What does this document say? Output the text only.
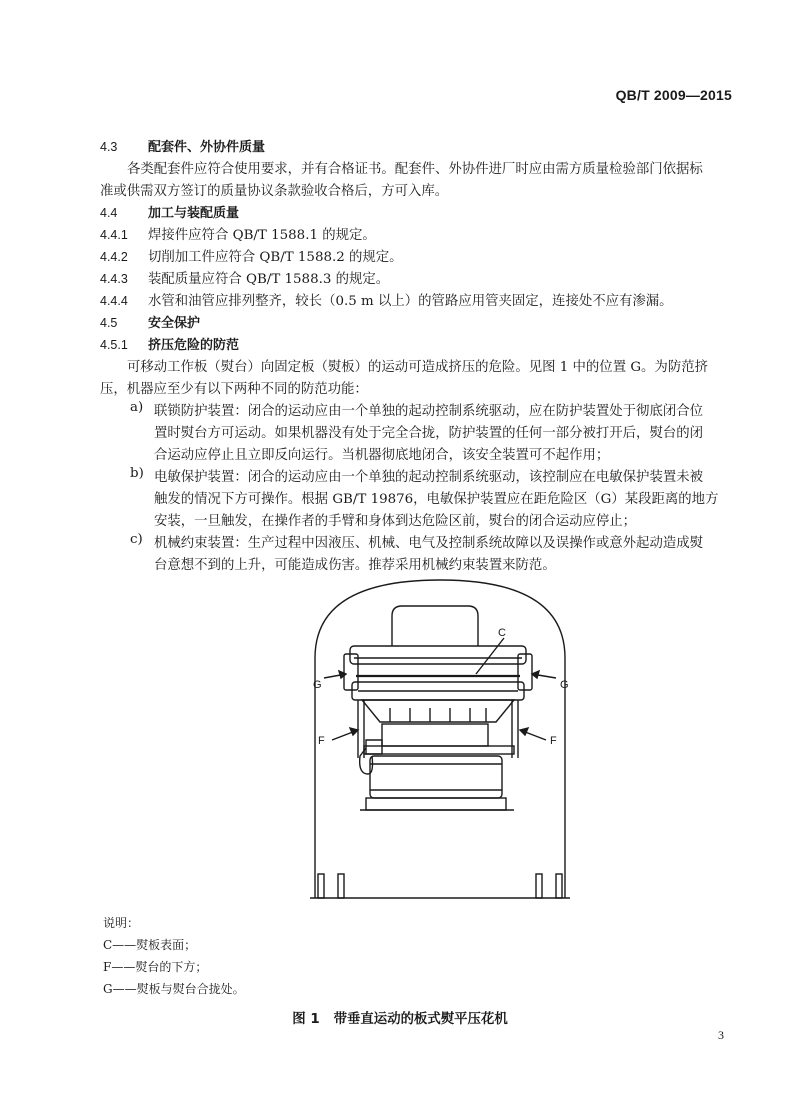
QB/T 2009—2015
4.3 配套件、外协件质量
各类配套件应符合使用要求，并有合格证书。配套件、外协件进厂时应由需方质量检验部门依据标
准或供需双方签订的质量协议条款验收合格后，方可入库。
4.4 加工与装配质量
4.4.1 焊接件应符合 QB/T 1588.1 的规定。
4.4.2 切削加工件应符合 QB/T 1588.2 的规定。
4.4.3 装配质量应符合 QB/T 1588.3 的规定。
4.4.4 水管和油管应排列整齐，较长（0.5 m 以上）的管路应用管夹固定，连接处不应有渗漏。
4.5 安全保护
4.5.1 挤压危险的防范
可移动工作板（熨台）向固定板（熨板）的运动可造成挤压的危险。见图 1 中的位置 G。为防范挤
压，机器应至少有以下两种不同的防范功能：
a) 联锁防护装置：闭合的运动应由一个单独的起动控制系统驱动，应在防护装置处于彻底闭合位
置时熨台方可运动。如果机器没有处于完全合拢，防护装置的任何一部分被打开后，熨台的闭
合运动应停止且立即反向运行。当机器彻底地闭合，该安全装置可不起作用；
b) 电敏保护装置：闭合的运动应由一个单独的起动控制系统驱动，该控制应在电敏保护装置未被
触发的情况下方可操作。根据 GB/T 19876，电敏保护装置应在距危险区（G）某段距离的地方
安装，一旦触发，在操作者的手臂和身体到达危险区前，熨台的闭合运动应停止；
c) 机械约束装置：生产过程中因液压、机械、电气及控制系统故障以及误操作或意外起动造成熨
台意想不到的上升，可能造成伤害。推荐采用机械约束装置来防范。
C
G	G
F	F
说明：
C——熨板表面；
F——熨台的下方；
G——熨板与熨台合拢处。
图 1 带垂直运动的板式熨平压花机
3
